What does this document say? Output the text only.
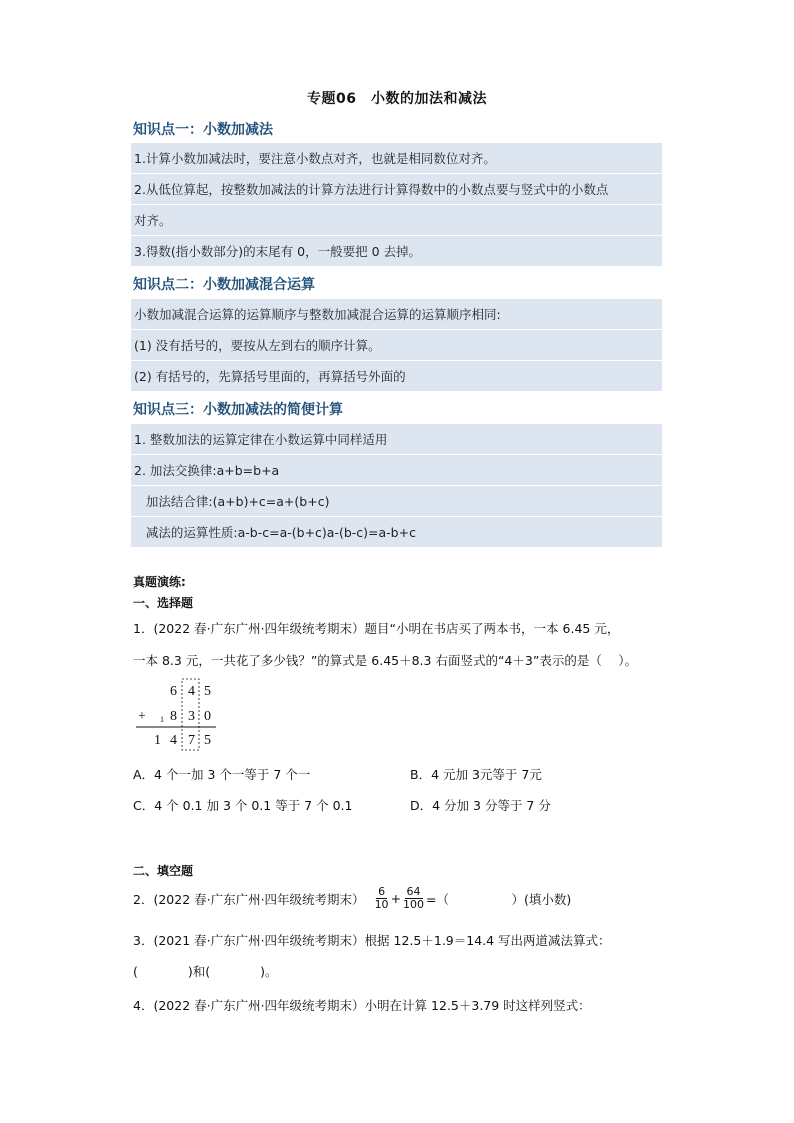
专题06　小数的加法和减法
知识点一：小数加减法
1.计算小数加减法时，要注意小数点对齐，也就是相同数位对齐。
2.从低位算起，按整数加减法的计算方法进行计算得数中的小数点要与竖式中的小数点
对齐。
3.得数(指小数部分)的末尾有 0，一般要把 0 去掉。
知识点二：小数加减混合运算
小数加减混合运算的运算顺序与整数加减混合运算的运算顺序相同:
(1) 没有括号的，要按从左到右的顺序计算。
(2) 有括号的，先算括号里面的，再算括号外面的
知识点三：小数加减法的简便计算
1. 整数加法的运算定律在小数运算中同样适用
2. 加法交换律:a+b=b+a
加法结合律:(a+b)+c=a+(b+c)
减法的运算性质:a-b-c=a-(b+c)a-(b-c)=a-b+c
真题演练:
一、选择题
1．(2022 春·广东广州·四年级统考期末）题目“小明在书店买了两本书，一本 6.45 元，
一本 8.3 元，一共花了多少钱？”的算式是 6.45＋8.3 右面竖式的“4＋3”表示的是（　 ）。
6 4 5
+ 1 8 3 0
1 4 7 5
A．4 个一加 3 个一等于 7 个一	B．4 元加 3元等于 7元
C．4 个 0.1 加 3 个 0.1 等于 7 个 0.1	D．4 分加 3 分等于 7 分
二、填空题
2．(2022 春·广东广州·四年级统考期末） $\frac{6}{10} + \frac{64}{100}$ =（　　　　　）(填小数)
3．(2021 春·广东广州·四年级统考期末）根据 12.5＋1.9＝14.4 写出两道减法算式：
(　　　　)和(　　　　)。
4．(2022 春·广东广州·四年级统考期末）小明在计算 12.5＋3.79 时这样列竖式：
